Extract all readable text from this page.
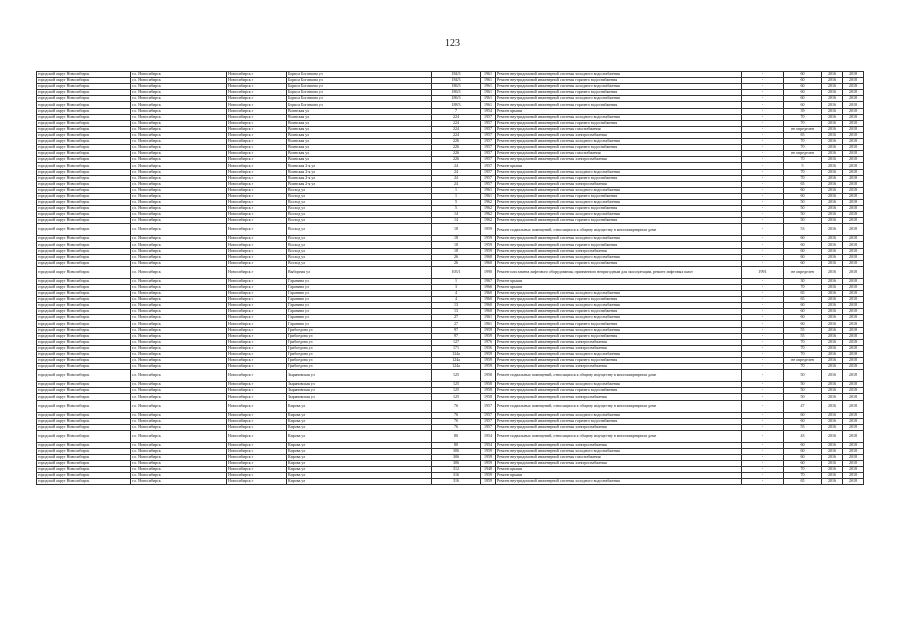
123
городской округ Новосибирск	г.о. Новосибирск	Новосибирск г	Бориса Богаткова ул	184/3	1961	Ремонт внутридомовой инженерной системы холодного водоснабжения	-	60	2016	2018
городской округ Новосибирск	г.о. Новосибирск	Новосибирск г	Бориса Богаткова ул	184/3	1961	Ремонт внутридомовой инженерной системы горячего водоснабжения	-	60	2016	2018
городской округ Новосибирск	г.о. Новосибирск	Новосибирск г	Бориса Богаткова ул	186/3	1961	Ремонт внутридомовой инженерной системы холодного водоснабжения	-	60	2016	2018
городской округ Новосибирск	г.о. Новосибирск	Новосибирск г	Бориса Богаткова ул	186/3	1961	Ремонт внутридомовой инженерной системы горячего водоснабжения	-	60	2016	2018
городской округ Новосибирск	г.о. Новосибирск	Новосибирск г	Бориса Богаткова ул	186/3	1961	Ремонт внутридомовой инженерной системы холодного водоснабжения	-	60	2016	2018
городской округ Новосибирск	г.о. Новосибирск	Новосибирск г	Бориса Богаткова ул	188/3	1961	Ремонт внутридомовой инженерной системы горячего водоснабжения	-	60	2016	2018
городской округ Новосибирск	г.о. Новосибирск	Новосибирск г	Воинская ул	7	1954	Ремонт крыши	-	39	2016	2018
городской округ Новосибирск	г.о. Новосибирск	Новосибирск г	Воинская ул	224	1957	Ремонт внутридомовой инженерной системы холодного водоснабжения	-	70	2016	2018
городской округ Новосибирск	г.о. Новосибирск	Новосибирск г	Воинская ул	224	1957	Ремонт внутридомовой инженерной системы горячего водоснабжения	-	70	2016	2018
городской округ Новосибирск	г.о. Новосибирск	Новосибирск г	Воинская ул	224	1957	Ремонт внутридомовой инженерной системы газоснабжения	-	не определен	2016	2018
городской округ Новосибирск	г.о. Новосибирск	Новосибирск г	Воинская ул	224	1957	Ремонт внутридомовой инженерной системы электроснабжения	-	65	2016	2018
городской округ Новосибирск	г.о. Новосибирск	Новосибирск г	Воинская ул	226	1957	Ремонт внутридомовой инженерной системы холодного водоснабжения	-	70	2016	2018
городской округ Новосибирск	г.о. Новосибирск	Новосибирск г	Воинская ул	226	1957	Ремонт внутридомовой инженерной системы горячего водоснабжения	-	70	2016	2018
городской округ Новосибирск	г.о. Новосибирск	Новосибирск г	Воинская ул	226	1957	Ремонт внутридомовой инженерной системы газоснабжения	-	не определен	2016	2018
городской округ Новосибирск	г.о. Новосибирск	Новосибирск г	Воинская ул	226	1957	Ремонт внутридомовой инженерной системы электроснабжения	-	70	2016	2018
городской округ Новосибирск	г.о. Новосибирск	Новосибирск г	Воинская 2-я ул	24	1957	Ремонт крыши	-	5	2016	2018
городской округ Новосибирск	г.о. Новосибирск	Новосибирск г	Воинская 2-я ул	24	1957	Ремонт внутридомовой инженерной системы холодного водоснабжения	-	70	2016	2018
городской округ Новосибирск	г.о. Новосибирск	Новосибирск г	Воинская 2-я ул	24	1957	Ремонт внутридомовой инженерной системы горячего водоснабжения	-	70	2016	2018
городской округ Новосибирск	г.о. Новосибирск	Новосибирск г	Воинская 2-я ул	24	1957	Ремонт внутридомовой инженерной системы электроснабжения	-	65	2016	2018
городской округ Новосибирск	г.о. Новосибирск	Новосибирск г	Восход ул	1	1961	Ремонт внутридомовой инженерной системы холодного водоснабжения	-	60	2016	2018
городской округ Новосибирск	г.о. Новосибирск	Новосибирск г	Восход ул	1	1961	Ремонт внутридомовой инженерной системы горячего водоснабжения	-	60	2016	2018
городской округ Новосибирск	г.о. Новосибирск	Новосибирск г	Восход ул	5	1962	Ремонт внутридомовой инженерной системы холодного водоснабжения	-	50	2016	2018
городской округ Новосибирск	г.о. Новосибирск	Новосибирск г	Восход ул	5	1962	Ремонт внутридомовой инженерной системы горячего водоснабжения	-	50	2016	2018
городской округ Новосибирск	г.о. Новосибирск	Новосибирск г	Восход ул	14	1962	Ремонт внутридомовой инженерной системы холодного водоснабжения	-	50	2016	2018
городской округ Новосибирск	г.о. Новосибирск	Новосибирск г	Восход ул	14	1962	Ремонт внутридомовой инженерной системы горячего водоснабжения	-	50	2016	2018
городской округ Новосибирск	г.о. Новосибирск	Новосибирск г	Восход ул	18	1959	Ремонт подвальных помещений, относящихся к общему имуществу в многоквартирном доме	-	53	2016	2018
городской округ Новосибирск	г.о. Новосибирск	Новосибирск г	Восход ул	18	1959	Ремонт внутридомовой инженерной системы холодного водоснабжения	-	60	2016	2018
городской округ Новосибирск	г.о. Новосибирск	Новосибирск г	Восход ул	18	1959	Ремонт внутридомовой инженерной системы горячего водоснабжения	-	60	2016	2018
городской округ Новосибирск	г.о. Новосибирск	Новосибирск г	Восход ул	18	1959	Ремонт внутридомовой инженерной системы электроснабжения	-	60	2016	2018
городской округ Новосибирск	г.о. Новосибирск	Новосибирск г	Восход ул	26	1960	Ремонт внутридомовой инженерной системы холодного водоснабжения	-	60	2016	2018
городской округ Новосибирск	г.о. Новосибирск	Новосибирск г	Восход ул	26	1960	Ремонт внутридомовой инженерной системы горячего водоснабжения	-	60	2016	2018
городской округ Новосибирск	г.о. Новосибирск	Новосибирск г	Выборная ул	105/1	1990	Ремонт или замена лифтового оборудования, признанного непригодным для эксплуатации, ремонт лифтовых шахт	1991	не определен	2016	2018
городской округ Новосибирск	г.о. Новосибирск	Новосибирск г	Гаранина ул	1	1967	Ремонт крыши	-	30	2016	2018
городской округ Новосибирск	г.о. Новосибирск	Новосибирск г	Гаранина ул	3	1966	Ремонт крыши	-	70	2016	2018
городской округ Новосибирск	г.о. Новосибирск	Новосибирск г	Гаранина ул	4	1960	Ремонт внутридомовой инженерной системы холодного водоснабжения	-	65	2016	2018
городской округ Новосибирск	г.о. Новосибирск	Новосибирск г	Гаранина ул	4	1960	Ремонт внутридомовой инженерной системы горячего водоснабжения	-	65	2016	2018
городской округ Новосибирск	г.о. Новосибирск	Новосибирск г	Гаранина ул	13	1960	Ремонт внутридомовой инженерной системы холодного водоснабжения	-	60	2016	2018
городской округ Новосибирск	г.о. Новосибирск	Новосибирск г	Гаранина ул	13	1960	Ремонт внутридомовой инженерной системы горячего водоснабжения	-	60	2016	2018
городской округ Новосибирск	г.о. Новосибирск	Новосибирск г	Гаранина ул	27	1961	Ремонт внутридомовой инженерной системы холодного водоснабжения	-	60	2016	2018
городской округ Новосибирск	г.о. Новосибирск	Новосибирск г	Гаранина ул	27	1961	Ремонт внутридомовой инженерной системы горячего водоснабжения	-	60	2016	2018
городской округ Новосибирск	г.о. Новосибирск	Новосибирск г	Грибоедова ул	97	1959	Ремонт внутридомовой инженерной системы холодного водоснабжения	-	55	2016	2018
городской округ Новосибирск	г.о. Новосибирск	Новосибирск г	Грибоедова ул	97	1959	Ремонт внутридомовой инженерной системы горячего водоснабжения	-	55	2016	2018
городской округ Новосибирск	г.о. Новосибирск	Новосибирск г	Грибоедова ул	127	1976	Ремонт внутридомовой инженерной системы электроснабжения	-	70	2016	2018
городской округ Новосибирск	г.о. Новосибирск	Новосибирск г	Грибоедова ул	171	1956	Ремонт внутридомовой инженерной системы электроснабжения	-	70	2016	2018
городской округ Новосибирск	г.о. Новосибирск	Новосибирск г	Грибоедова ул	124а	1959	Ремонт внутридомовой инженерной системы холодного водоснабжения	-	70	2016	2018
городской округ Новосибирск	г.о. Новосибирск	Новосибирск г	Грибоедова ул	124а	1959	Ремонт внутридомовой инженерной системы горячего водоснабжения	-	не определен	2016	2018
городской округ Новосибирск	г.о. Новосибирск	Новосибирск г	Грибоедова ул	124а	1959	Ремонт внутридомовой инженерной системы электроснабжения	-	70	2016	2018
городской округ Новосибирск	г.о. Новосибирск	Новосибирск г	Зыряновская ул	125	1958	Ремонт подвальных помещений, относящихся к общему имуществу в многоквартирном доме	-	50	2016	2018
городской округ Новосибирск	г.о. Новосибирск	Новосибирск г	Зыряновская ул	125	1958	Ремонт внутридомовой инженерной системы холодного водоснабжения	-	50	2016	2018
городской округ Новосибирск	г.о. Новосибирск	Новосибирск г	Зыряновская ул	125	1958	Ремонт внутридомовой инженерной системы горячего водоснабжения	-	50	2016	2018
городской округ Новосибирск	г.о. Новосибирск	Новосибирск г	Зыряновская ул	125	1958	Ремонт внутридомовой инженерной системы электроснабжения	-	50	2016	2018
городской округ Новосибирск	г.о. Новосибирск	Новосибирск г	Кирова ул	76	1957	Ремонт подвальных помещений, относящихся к общему имуществу в многоквартирном доме	-	47	2016	2018
городской округ Новосибирск	г.о. Новосибирск	Новосибирск г	Кирова ул	76	1957	Ремонт внутридомовой инженерной системы холодного водоснабжения	-	60	2016	2018
городской округ Новосибирск	г.о. Новосибирск	Новосибирск г	Кирова ул	76	1957	Ремонт внутридомовой инженерной системы горячего водоснабжения	-	60	2016	2018
городской округ Новосибирск	г.о. Новосибирск	Новосибирск г	Кирова ул	76	1957	Ремонт внутридомовой инженерной системы электроснабжения	-	55	2016	2018
городской округ Новосибирск	г.о. Новосибирск	Новосибирск г	Кирова ул	80	1954	Ремонт подвальных помещений, относящихся к общему имуществу в многоквартирном доме	-	43	2016	2018
городской округ Новосибирск	г.о. Новосибирск	Новосибирск г	Кирова ул	80	1954	Ремонт внутридомовой инженерной системы электроснабжения	-	60	2016	2018
городской округ Новосибирск	г.о. Новосибирск	Новосибирск г	Кирова ул	306	1959	Ремонт внутридомовой инженерной системы холодного водоснабжения	-	60	2016	2018
городской округ Новосибирск	г.о. Новосибирск	Новосибирск г	Кирова ул	306	1959	Ремонт внутридомовой инженерной системы газоснабжения	-	60	2016	2018
городской округ Новосибирск	г.о. Новосибирск	Новосибирск г	Кирова ул	306	1959	Ремонт внутридомовой инженерной системы электроснабжения	-	60	2016	2018
городской округ Новосибирск	г.о. Новосибирск	Новосибирск г	Кирова ул	312	1948	Ремонт крыши	-	70	2016	2018
городской округ Новосибирск	г.о. Новосибирск	Новосибирск г	Кирова ул	316	1959	Ремонт крыши	-	70	2016	2018
городской округ Новосибирск	г.о. Новосибирск	Новосибирск г	Кирова ул	316	1959	Ремонт внутридомовой инженерной системы холодного водоснабжения	-	65	2016	2018
